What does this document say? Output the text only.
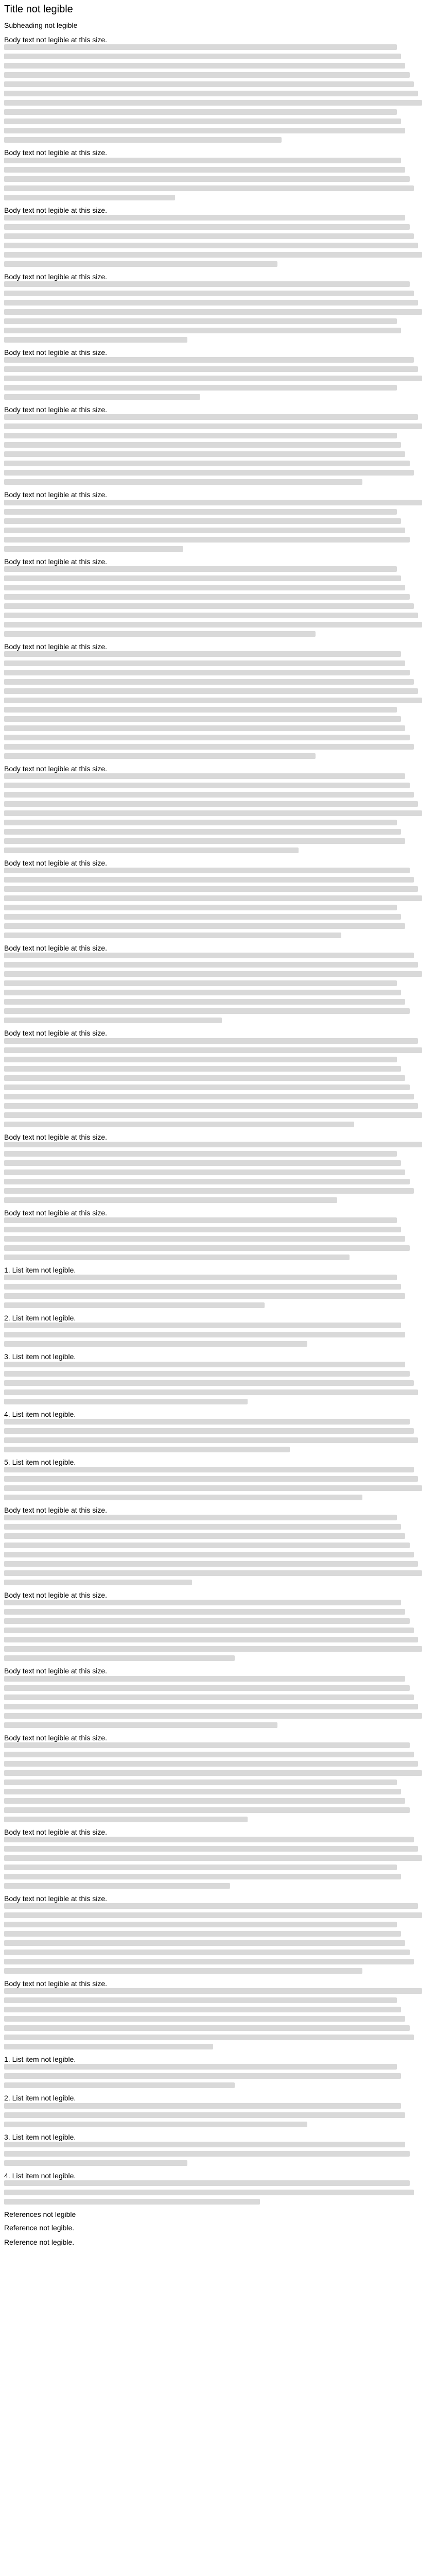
Title not legible
Subheading not legible
Body text not legible at this size.
Body text not legible at this size.
Body text not legible at this size.
Body text not legible at this size.
Body text not legible at this size.
Body text not legible at this size.
Body text not legible at this size.
Body text not legible at this size.
Body text not legible at this size.
Body text not legible at this size.
Body text not legible at this size.
Body text not legible at this size.
Body text not legible at this size.
Body text not legible at this size.
Body text not legible at this size.
1. List item not legible.
2. List item not legible.
3. List item not legible.
4. List item not legible.
5. List item not legible.
Body text not legible at this size.
Body text not legible at this size.
Body text not legible at this size.
Body text not legible at this size.
Body text not legible at this size.
Body text not legible at this size.
Body text not legible at this size.
1. List item not legible.
2. List item not legible.
3. List item not legible.
4. List item not legible.
References not legible
Reference not legible.
Reference not legible.
